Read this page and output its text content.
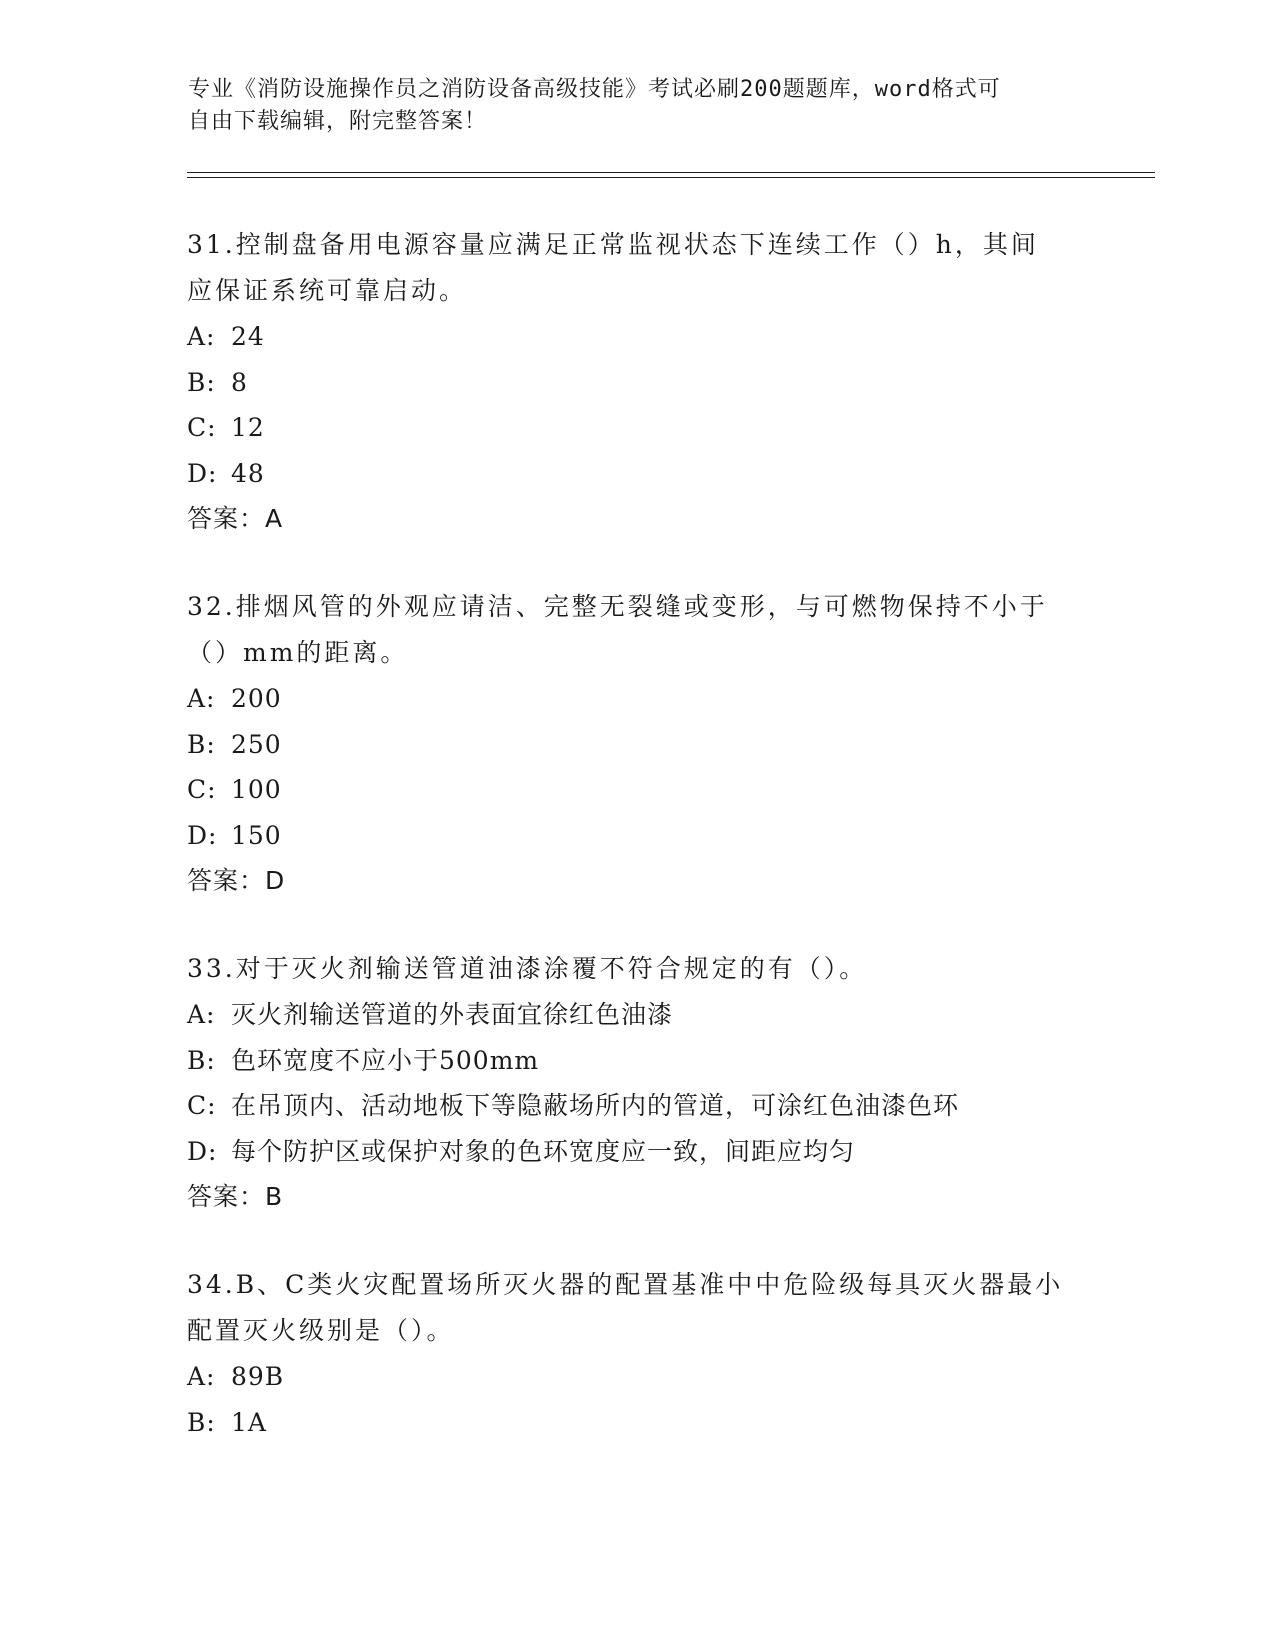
专业《消防设施操作员之消防设备高级技能》考试必刷200题题库，word格式可
自由下载编辑，附完整答案！
31.控制盘备用电源容量应满足正常监视状态下连续工作（）h，其间
应保证系统可靠启动。
A: 24
B: 8
C: 12
D: 48
答案：A
32.排烟风管的外观应请洁、完整无裂缝或变形，与可燃物保持不小于
（）mm的距离。
A: 200
B: 250
C: 100
D: 150
答案：D
33.对于灭火剂输送管道油漆涂覆不符合规定的有（）。
A: 灭火剂输送管道的外表面宜徐红色油漆
B: 色环宽度不应小于500mm
C: 在吊顶内、活动地板下等隐蔽场所内的管道，可涂红色油漆色环
D: 每个防护区或保护对象的色环宽度应一致，间距应均匀
答案：B
34.B、C类火灾配置场所灭火器的配置基准中中危险级每具灭火器最小
配置灭火级别是（）。
A: 89B
B: 1A
